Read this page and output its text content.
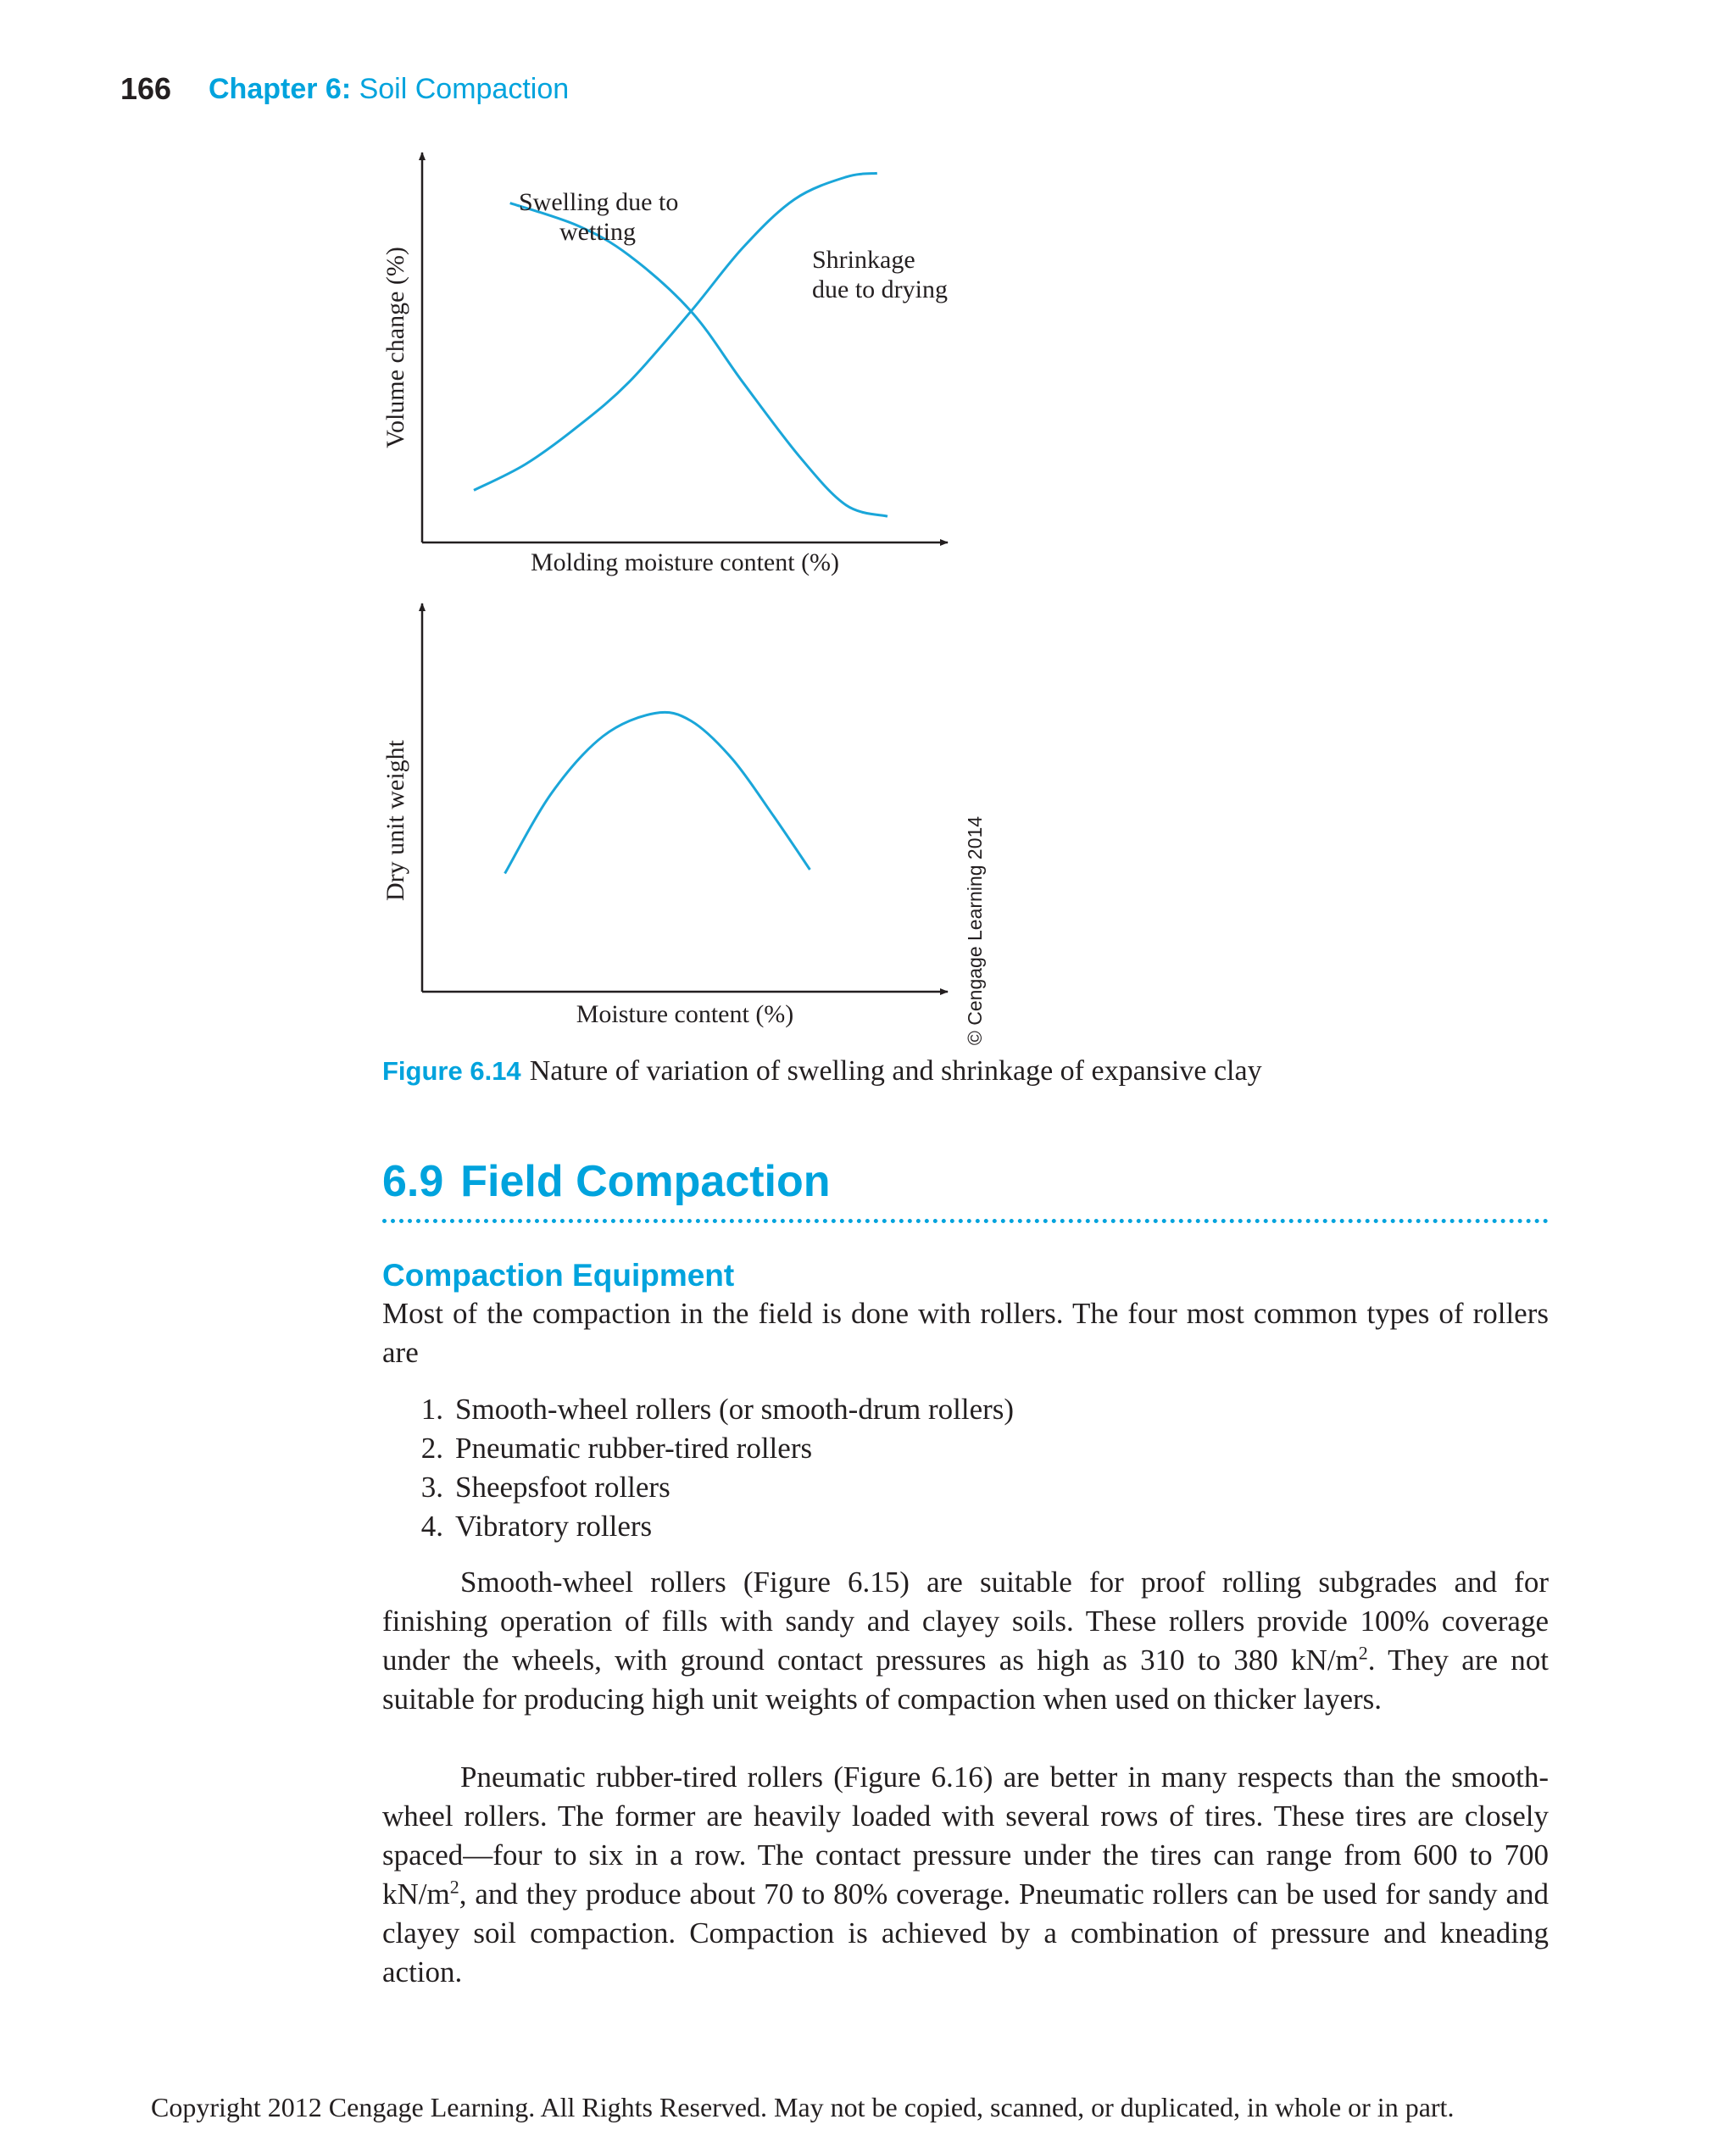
166 Chapter 6: Soil Compaction
Swelling due to
wetting
Shrinkage
due to drying
Molding moisture content (%)
Volume change (%)
Moisture content (%)
Dry unit weight	© Cengage Learning 2014
Figure 6.14 Nature of variation of swelling and shrinkage of expansive clay
6.9 Field Compaction
Compaction Equipment

Most of the compaction in the field is done with rollers. The four most common types of rollers are

1. Smooth-wheel rollers (or smooth-drum rollers)
2. Pneumatic rubber-tired rollers
3. Sheepsfoot rollers
4. Vibratory rollers

Smooth-wheel rollers (Figure 6.15) are suitable for proof rolling subgrades and for finishing operation of fills with sandy and clayey soils. These rollers provide 100% coverage under the wheels, with ground contact pressures as high as 310 to 380 $kN/m^2$. They are not suitable for producing high unit weights of compaction when used on thicker layers.

Pneumatic rubber-tired rollers (Figure 6.16) are better in many respects than the smooth-wheel rollers. The former are heavily loaded with several rows of tires. These tires are closely spaced—four to six in a row. The contact pressure under the tires can range from 600 to 700 $kN/m^2$, and they produce about 70 to 80% coverage. Pneumatic rollers can be used for sandy and clayey soil compaction. Compaction is achieved by a combination of pressure and kneading action.

Copyright 2012 Cengage Learning. All Rights Reserved. May not be copied, scanned, or duplicated, in whole or in part.
